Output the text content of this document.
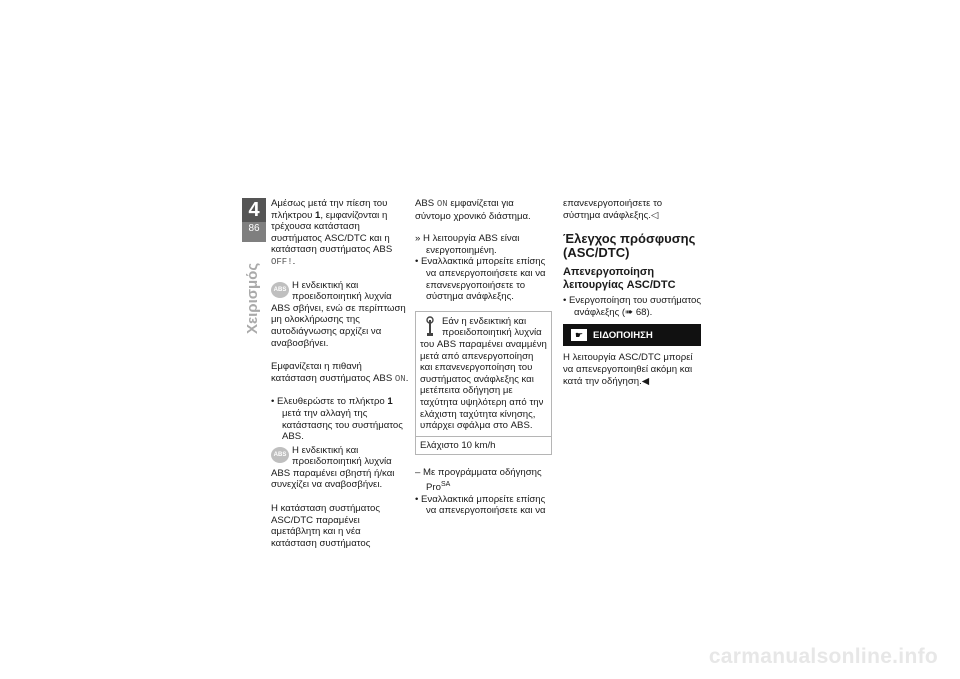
4
86
Χειρισμός

Αμέσως μετά την πίεση του πλήκτρου 1, εμφανίζονται η τρέχουσα κατάσταση συστήματος ASC/DTC και η κατάσταση συστήματος ABS OFF!.

ABS Η ενδεικτική και προειδοποιητική λυχνία ABS σβήνει, ενώ σε περίπτωση μη ολοκλήρωσης της αυτοδιάγνωσης αρχίζει να αναβοσβήνει.

Εμφανίζεται η πιθανή κατάσταση συστήματος ABS ON.

• Ελευθερώστε το πλήκτρο 1 μετά την αλλαγή της κατάστασης του συστήματος ABS.

ABS Η ενδεικτική και προειδοποιητική λυχνία ABS παραμένει σβηστή ή/και συνεχίζει να αναβοσβήνει.

Η κατάσταση συστήματος ASC/DTC παραμένει αμετάβλητη και η νέα κατάσταση συστήματος

ABS ON εμφανίζεται για σύντομο χρονικό διάστημα.

» Η λειτουργία ABS είναι ενεργοποιημένη.

• Εναλλακτικά μπορείτε επίσης να απενεργοποιήσετε και να επανενεργοποιήσετε το σύστημα ανάφλεξης.

Εάν η ενδεικτική και προειδοποιητική λυχνία του ABS παραμένει αναμμένη μετά από απενεργοποίηση και επανενεργοποίηση του συστήματος ανάφλεξης και μετέπειτα οδήγηση με ταχύτητα υψηλότερη από την ελάχιστη ταχύτητα κίνησης, υπάρχει σφάλμα στο ABS.
Ελάχιστο 10 km/h

– Με προγράμματα οδήγησης Pro$^{SA}$

• Εναλλακτικά μπορείτε επίσης να απενεργοποιήσετε και να

επανενεργοποιήσετε το σύστημα ανάφλεξης.◁

Έλεγχος πρόσφυσης (ASC/DTC)
Απενεργοποίηση λειτουργίας ASC/DTC

• Ενεργοποίηση του συστήματος ανάφλεξης (➠ 68).

☛	ΕΙΔΟΠΟΙΗΣΗ

Η λειτουργία ASC/DTC μπορεί να απενεργοποιηθεί ακόμη και κατά την οδήγηση.◀

carmanualsonline.info
